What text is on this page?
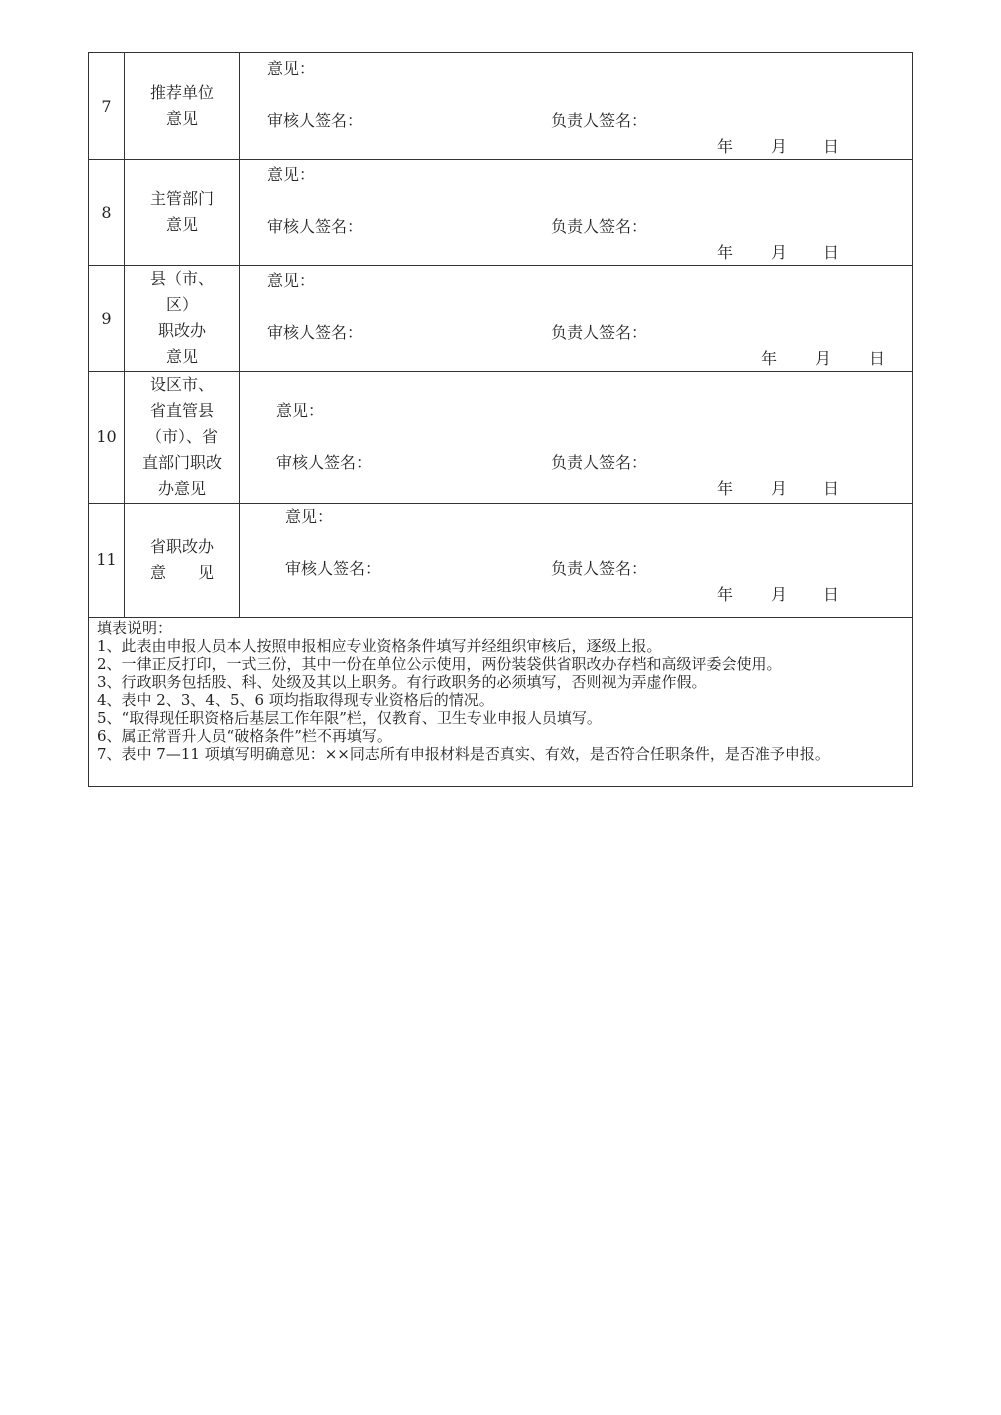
7
推荐单位
意见
意见：
审核人签名：	负责人签名：
年 月 日
8
主管部门
意见
意见：
审核人签名：	负责人签名：
年 月 日
9
县（市、
区）
职改办
意见
意见：
审核人签名：	负责人签名：
年 月 日
10
设区市、
省直管县
（市）、省
直部门职改
办意见
意见：
审核人签名：	负责人签名：
年 月 日
11
省职改办
意　　见
意见：
审核人签名：	负责人签名：
年 月 日
填表说明：
1、此表由申报人员本人按照申报相应专业资格条件填写并经组织审核后，逐级上报。
2、一律正反打印，一式三份，其中一份在单位公示使用，两份装袋供省职改办存档和高级评委会使用。
3、行政职务包括股、科、处级及其以上职务。有行政职务的必须填写，否则视为弄虚作假。
4、表中 2、3、4、5、6 项均指取得现专业资格后的情况。
5、“取得现任职资格后基层工作年限”栏，仅教育、卫生专业申报人员填写。
6、属正常晋升人员“破格条件”栏不再填写。
7、表中 7—11 项填写明确意见：××同志所有申报材料是否真实、有效，是否符合任职条件，是否准予申报。
